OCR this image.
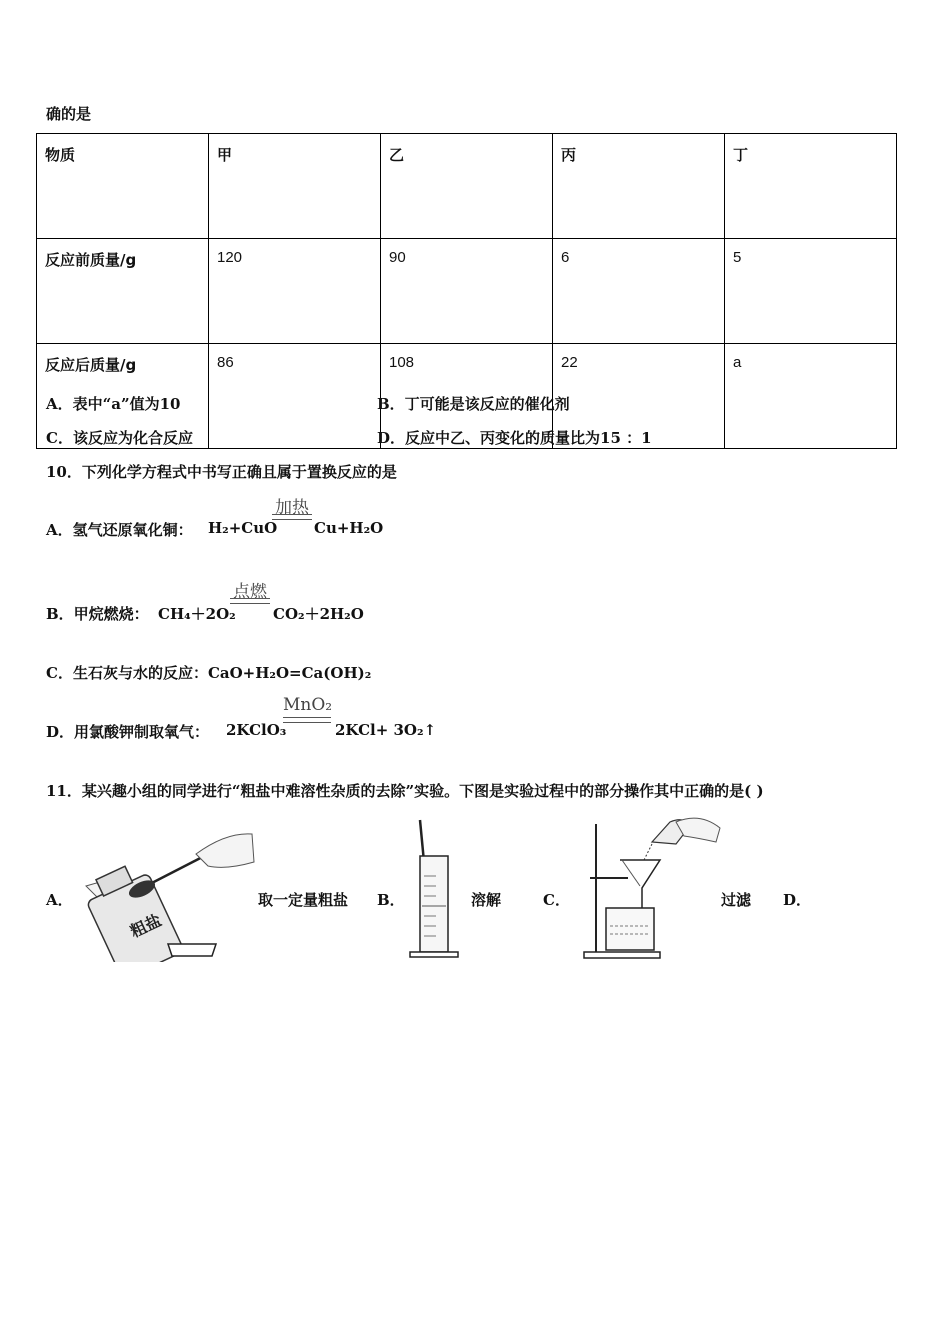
确的是
物质	甲	乙	丙	丁
反应前质量/g	120	90	6	5
反应后质量/g	86	108	22	a
A．表中“a”值为10	B．丁可能是该反应的催化剂
C．该反应为化合反应	D．反应中乙、丙变化的质量比为15 ：1
10．下列化学方程式中书写正确且属于置换反应的是
A．氢气还原氧化铜： H₂+CuO
加热
Cu+H₂O
B．甲烷燃烧： CH₄＋2O₂
点燃
CO₂＋2H₂O
C．生石灰与水的反应：CaO+H₂O=Ca(OH)₂
D．用氯酸钾制取氧气： 2KClO₃
MnO₂
2KCl+ 3O₂↑
11．某兴趣小组的同学进行“粗盐中难溶性杂质的去除”实验。下图是实验过程中的部分操作其中正确的是( )
A．
粗盐
取一定量粗盐 B．	溶解	C．	过滤 D．
